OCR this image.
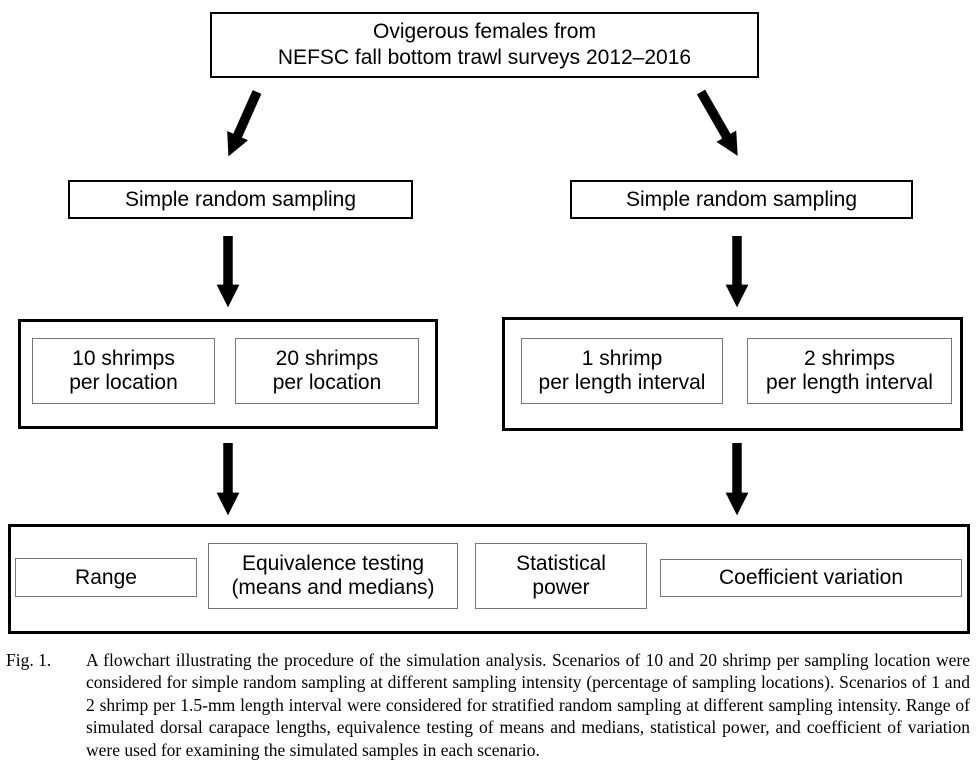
Ovigerous females from
NEFSC fall bottom trawl surveys 2012–2016
Simple random sampling	Simple random sampling
10 shrimps
per location
20 shrimps
per location
1 shrimp
per length interval
2 shrimps
per length interval
Range
Equivalence testing
(means and medians)
Statistical
power	Coefficient variation
Fig. 1.	A flowchart illustrating the procedure of the simulation analysis. Scenarios of 10 and 20 shrimp per sampling location were considered for simple random sampling at different sampling intensity (percentage of sampling locations). Scenarios of 1 and 2 shrimp per 1.5-mm length interval were considered for stratified random sampling at different sampling intensity. Range of simulated dorsal carapace lengths, equivalence testing of means and medians, statistical power, and coefficient of variation were used for examining the simulated samples in each scenario.
